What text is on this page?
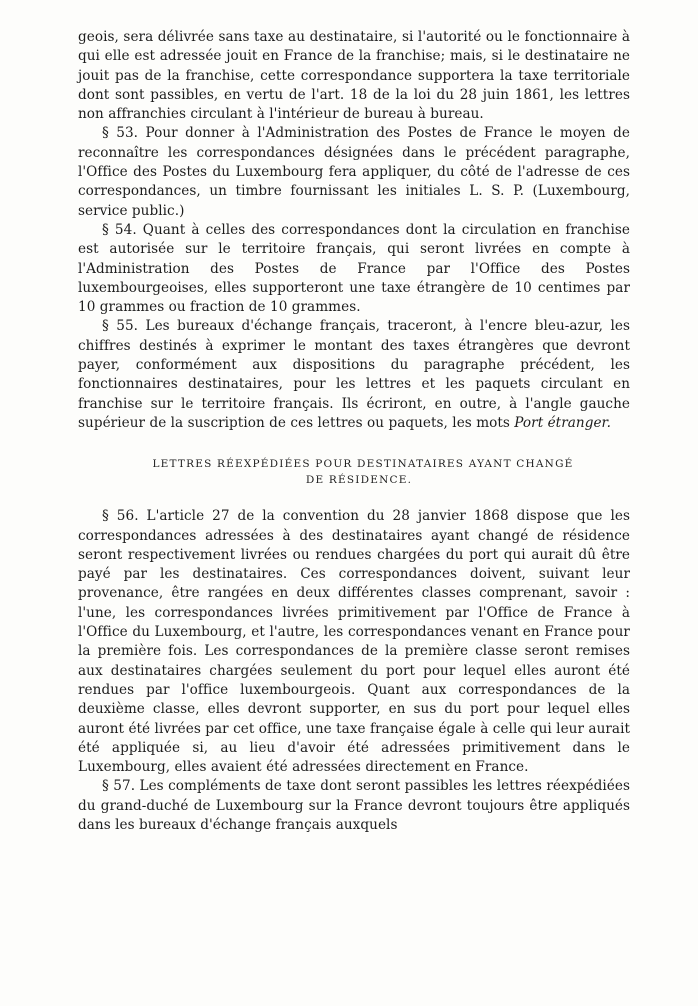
geois, sera délivrée sans taxe au destinataire, si l'autorité ou le fonctionnaire à qui elle est adressée jouit en France de la franchise; mais, si le destinataire ne jouit pas de la franchise, cette correspondance supportera la taxe territoriale dont sont passibles, en vertu de l'art. 18 de la loi du 28 juin 1861, les lettres non affranchies circulant à l'intérieur de bureau à bureau.

§ 53. Pour donner à l'Administration des Postes de France le moyen de reconnaître les correspondances désignées dans le précédent paragraphe, l'Office des Postes du Luxembourg fera appliquer, du côté de l'adresse de ces correspondances, un timbre fournissant les initiales L. S. P. (Luxembourg, service public.)

§ 54. Quant à celles des correspondances dont la circulation en franchise est autorisée sur le territoire français, qui seront livrées en compte à l'Administration des Postes de France par l'Office des Postes luxembourgeoises, elles supporteront une taxe étrangère de 10 centimes par 10 grammes ou fraction de 10 grammes.

§ 55. Les bureaux d'échange français, traceront, à l'encre bleu-azur, les chiffres destinés à exprimer le montant des taxes étrangères que devront payer, conformément aux dispositions du paragraphe précédent, les fonctionnaires destinataires, pour les lettres et les paquets circulant en franchise sur le territoire français. Ils écriront, en outre, à l'angle gauche supérieur de la suscription de ces lettres ou paquets, les mots Port étranger.

LETTRES RÉEXPÉDIÉES POUR DESTINATAIRES AYANT CHANGÉ
DE RÉSIDENCE.

§ 56. L'article 27 de la convention du 28 janvier 1868 dispose que les correspondances adressées à des destinataires ayant changé de résidence seront respectivement livrées ou rendues chargées du port qui aurait dû être payé par les destinataires. Ces correspondances doivent, suivant leur provenance, être rangées en deux différentes classes comprenant, savoir : l'une, les correspondances livrées primitivement par l'Office de France à l'Office du Luxembourg, et l'autre, les correspondances venant en France pour la première fois. Les correspondances de la première classe seront remises aux destinataires chargées seulement du port pour lequel elles auront été rendues par l'office luxembourgeois. Quant aux correspondances de la deuxième classe, elles devront supporter, en sus du port pour lequel elles auront été livrées par cet office, une taxe française égale à celle qui leur aurait été appliquée si, au lieu d'avoir été adressées primitivement dans le Luxembourg, elles avaient été adressées directement en France.

§ 57. Les compléments de taxe dont seront passibles les lettres réexpédiées du grand-duché de Luxembourg sur la France devront toujours être appliqués dans les bureaux d'échange français auxquels
